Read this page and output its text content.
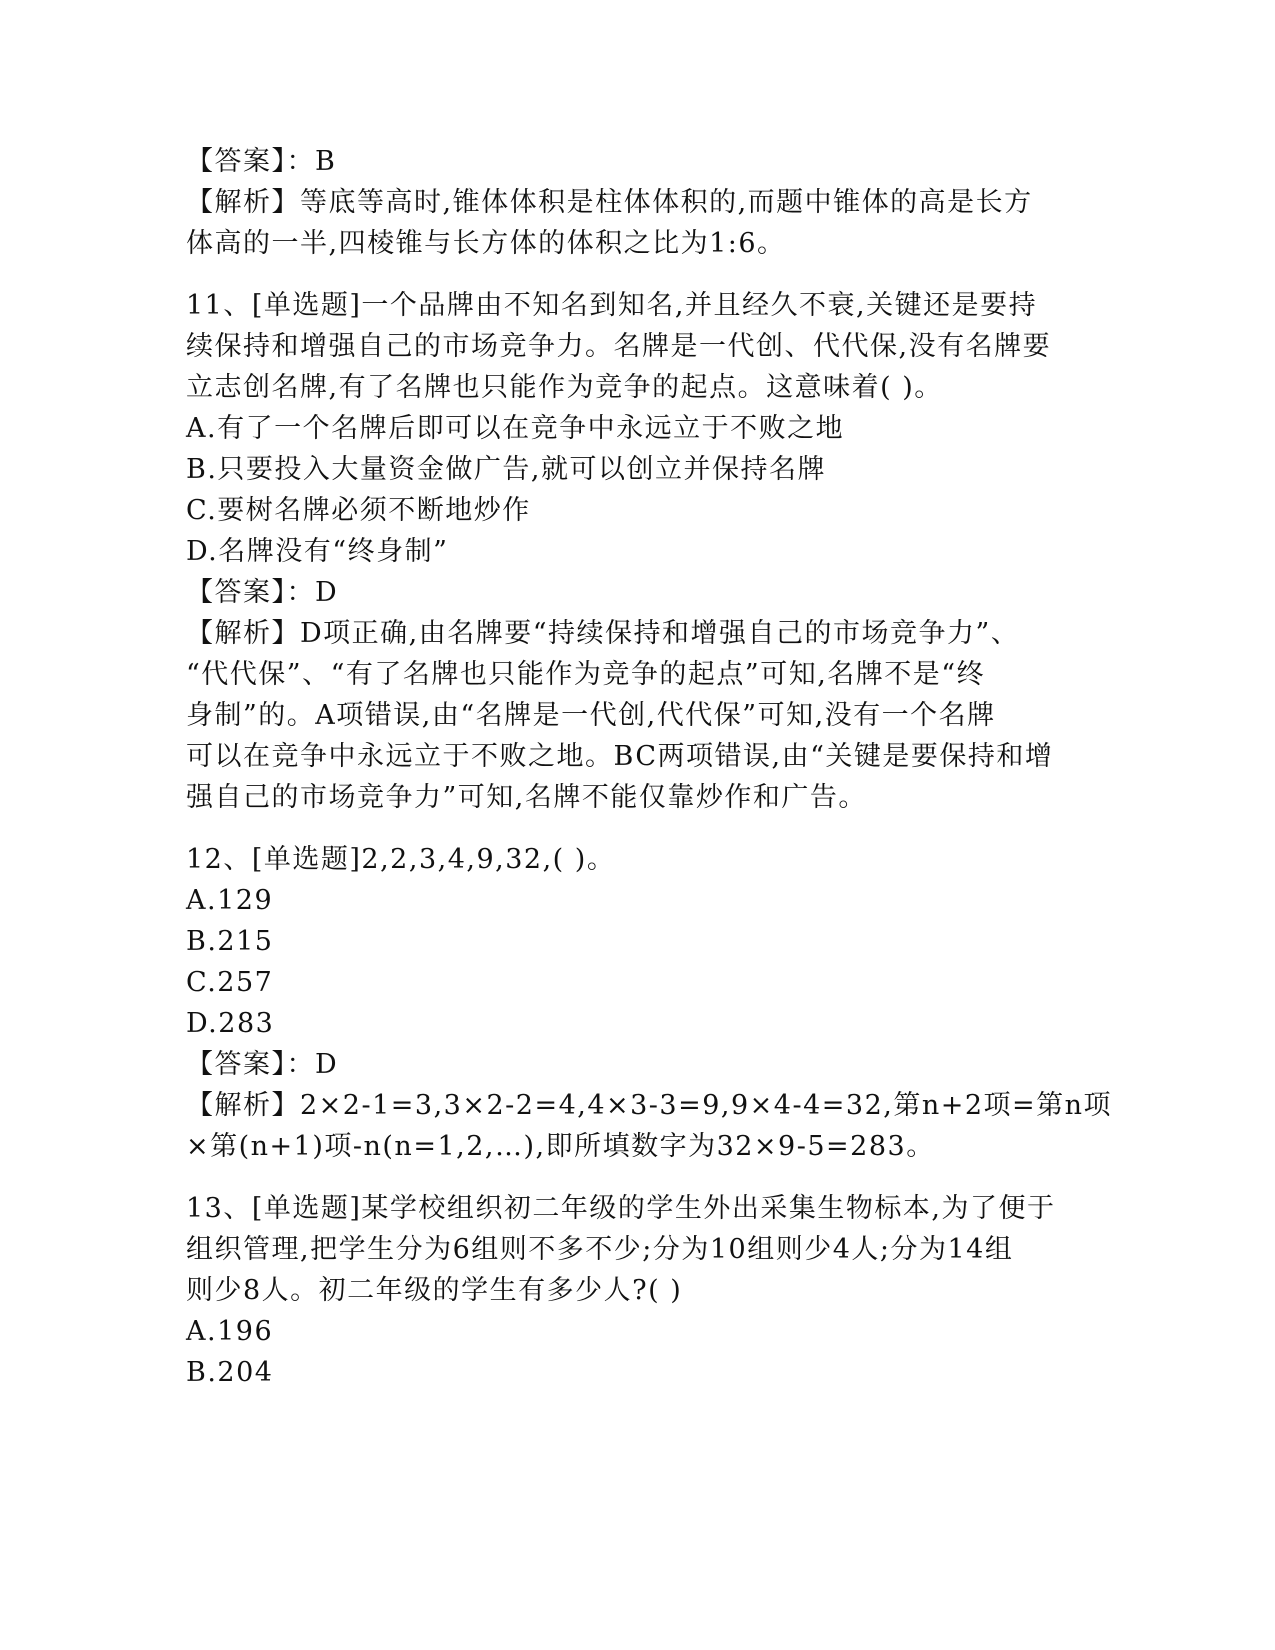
【答案】：B
【解析】等底等高时,锥体体积是柱体体积的,而题中锥体的高是长方
体高的一半,四棱锥与长方体的体积之比为1:6。
11、[单选题]一个品牌由不知名到知名,并且经久不衰,关键还是要持
续保持和增强自己的市场竞争力。名牌是一代创、代代保,没有名牌要
立志创名牌,有了名牌也只能作为竞争的起点。这意味着( )。
A.有了一个名牌后即可以在竞争中永远立于不败之地
B.只要投入大量资金做广告,就可以创立并保持名牌
C.要树名牌必须不断地炒作
D.名牌没有“终身制”
【答案】：D
【解析】D项正确,由名牌要“持续保持和增强自己的市场竞争力”、
“代代保”、“有了名牌也只能作为竞争的起点”可知,名牌不是“终
身制”的。A项错误,由“名牌是一代创,代代保”可知,没有一个名牌
可以在竞争中永远立于不败之地。BC两项错误,由“关键是要保持和增
强自己的市场竞争力”可知,名牌不能仅靠炒作和广告。
12、[单选题]2,2,3,4,9,32,( )。
A.129
B.215
C.257
D.283
【答案】：D
【解析】2×2-1=3,3×2-2=4,4×3-3=9,9×4-4=32,第n+2项=第n项
×第(n+1)项-n(n=1,2,…),即所填数字为32×9-5=283。
13、[单选题]某学校组织初二年级的学生外出采集生物标本,为了便于
组织管理,把学生分为6组则不多不少;分为10组则少4人;分为14组
则少8人。初二年级的学生有多少人?( )
A.196
B.204
